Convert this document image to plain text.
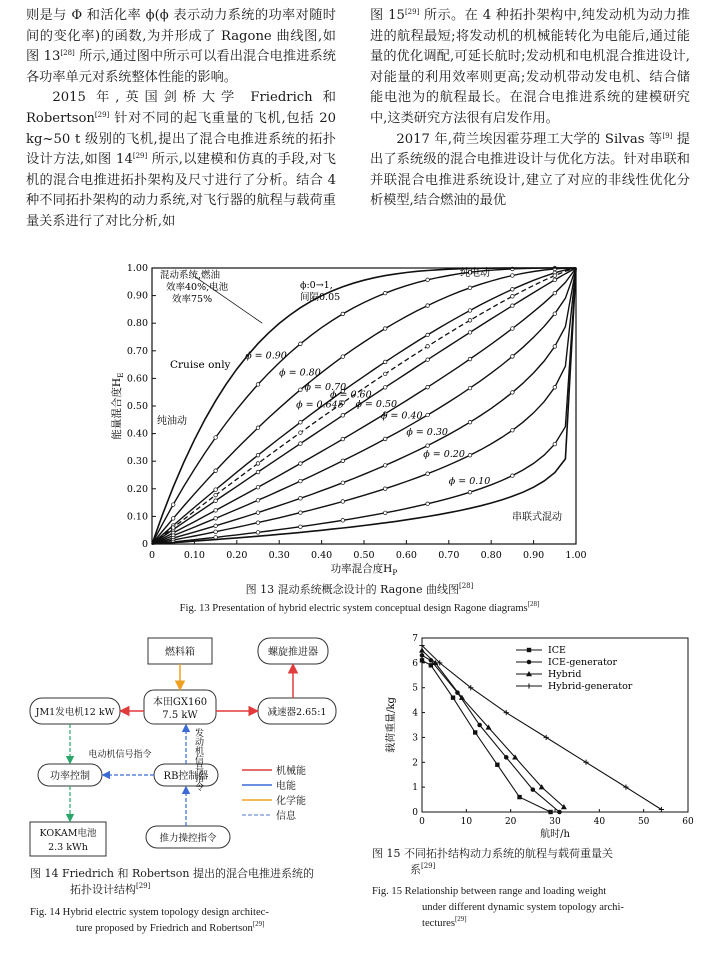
则是与 Φ 和活化率 ϕ(ϕ 表示动力系统的功率对随时间的变化率)的函数,为并形成了 Ragone 曲线图,如图 13[28] 所示,通过图中所示可以看出混合电推进系统各功率单元对系统整体性能的影响。

2015 年,英国剑桥大学 Friedrich 和 Robertson[29] 针对不同的起飞重量的飞机,包括 20 kg~50 t 级别的飞机,提出了混合电推进系统的拓扑设计方法,如图 14[29] 所示,以建模和仿真的手段,对飞机的混合电推进拓扑架构及尺寸进行了分析。结合 4 种不同拓扑架构的动力系统,对飞行器的航程与载荷重量关系进行了对比分析,如

图 15[29] 所示。在 4 种拓扑架构中,纯发动机为动力推进的航程最短;将发动机的机械能转化为电能后,通过能量的优化调配,可延长航时;发动机和电机混合推进设计,对能量的利用效率则更高;发动机带动发电机、结合储能电池为的航程最长。在混合电推进系统的建模研究中,这类研究方法很有启发作用。

2017 年,荷兰埃因霍芬理工大学的 Silvas 等[9] 提出了系统级的混合电推进设计与优化方法。针对串联和并联混合电推进系统设计,建立了对应的非线性优化分析模型,结合燃油的最优

0	0.10 0.20 0.30 0.40 0.50 0.60 0.70 0.80 0.90 1.00
0
0.10
0.20
0.30
0.40
0.50
0.60
0.70
0.80
0.90
1.00
功率混合度$H_P$
能量混合度$H_E$
ϕ = 0.90
ϕ = 0.80
ϕ = 0.70
ϕ = 0.60
ϕ = 0.645 ϕ = 0.50
ϕ = 0.40
ϕ = 0.30
ϕ = 0.20
ϕ = 0.10
混动系统,燃油
效率40%,电池
效率75%
ϕ:0→1,
间隔0.05
Cruise only
纯电动
纯油动
串联式混动
图 13 混动系统概念设计的 Ragone 曲线图[28]
Fig. 13 Presentation of hybrid electric system conceptual design Ragone diagrams[28]
燃料箱	螺旋推进器
JM1发电机12 kW
本田GX160
7.5 kW	减速器2.65:1
功率控制	RB控制器
KOKAM电池
2.3 kWh
推力操控指令
电动机信号指令	发动机信号指令	机械能
电能
化学能
信息
图 14 Friedrich 和 Robertson 提出的混合电推进系统的
拓扑设计结构[29]
Fig. 14 Hybrid electric system topology design architec-
ture proposed by Friedrich and Robertson[29]
0	10	20	30	40	50	60
0
1
2
3
4
5
6
7
航时/h
载荷重量/kg
ICE
ICE-generator
Hybrid
Hybrid-generator
图 15 不同拓扑结构动力系统的航程与载荷重量关
系[29]
Fig. 15 Relationship between range and loading weight
under different dynamic system topology archi-
tectures[29]
